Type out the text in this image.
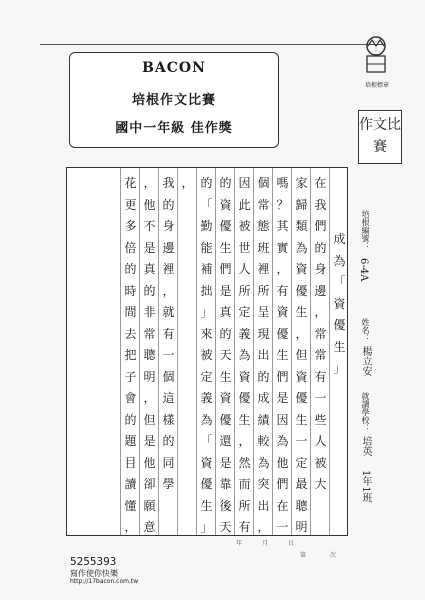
BACON
培根作文比賽
國中一年級 佳作獎
培根標章
作文比賽
成
為
「
資
優
生
」
在
我
們
的
身
邊
，
常
常
有
一
些
人
被
大
家
歸
類
為
資
優
生
，
但
資
優
生
一
定
最
聰
明
嗎
？
其
實
，
有
資
優
生
們
是
因
為
他
們
在
一
個
常
態
班
裡
所
呈
現
出
的
成
績
較
為
突
出
，
因
此
被
世
人
所
定
義
為
資
優
生
，
然
而
所
有
的
資
優
生
們
是
真
的
天
生
資
優
還
是
靠
後
天
的
「
勤
能
補
拙
」
來
被
定
義
為
「
資
優
生
」
，
我
的
身
邊
裡
，
就
有
一
個
這
樣
的
同
學
，
他
不
是
真
的
非
常
聰
明
，
但
是
他
卻
願
意
花
更
多
倍
的
時
間
去
把
子
會
的
題
目
讀
懂
，
培根編號：
6-4A
姓名：
楊立安
就讀學校：
培英
1年1班
5255393
寫作使你快樂
http://17bacon.com.tw
年	月	日
第	次
